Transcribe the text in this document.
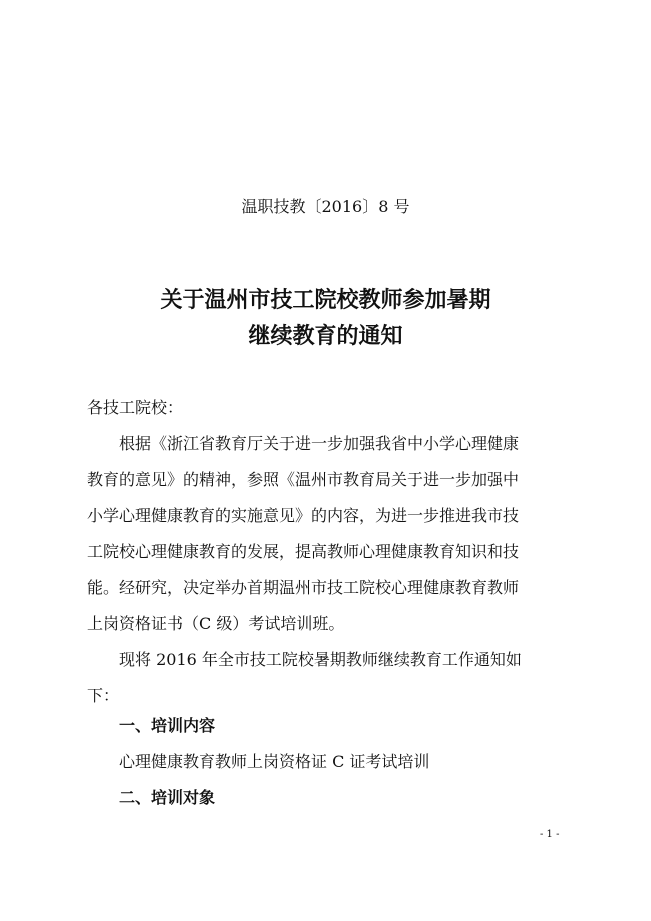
温职技教〔2016〕8 号
关于温州市技工院校教师参加暑期
继续教育的通知
各技工院校：
根据《浙江省教育厅关于进一步加强我省中小学心理健康
教育的意见》的精神，参照《温州市教育局关于进一步加强中
小学心理健康教育的实施意见》的内容，为进一步推进我市技
工院校心理健康教育的发展，提高教师心理健康教育知识和技
能。经研究，决定举办首期温州市技工院校心理健康教育教师
上岗资格证书（C 级）考试培训班。
现将 2016 年全市技工院校暑期教师继续教育工作通知如
下：
一、培训内容
心理健康教育教师上岗资格证 C 证考试培训
二、培训对象
- 1 -
